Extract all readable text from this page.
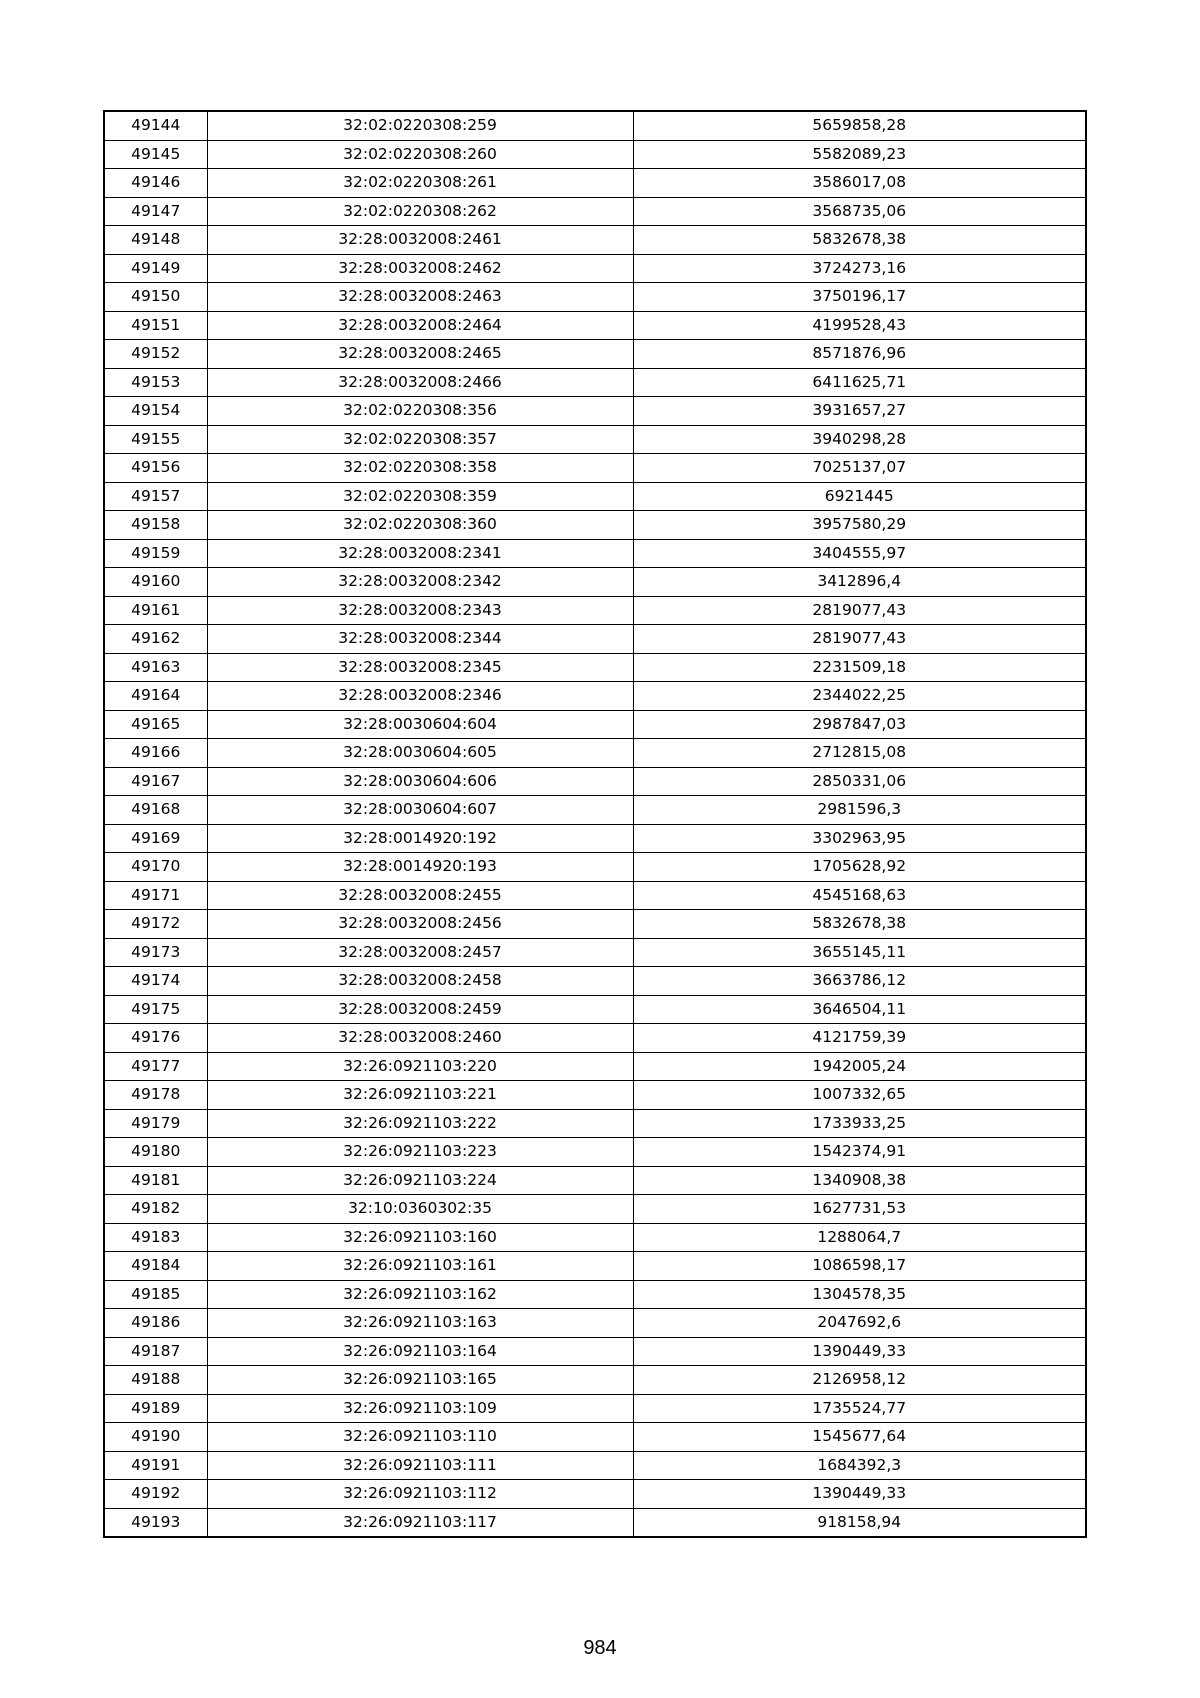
49144	32:02:0220308:259	5659858,28
49145	32:02:0220308:260	5582089,23
49146	32:02:0220308:261	3586017,08
49147	32:02:0220308:262	3568735,06
49148	32:28:0032008:2461	5832678,38
49149	32:28:0032008:2462	3724273,16
49150	32:28:0032008:2463	3750196,17
49151	32:28:0032008:2464	4199528,43
49152	32:28:0032008:2465	8571876,96
49153	32:28:0032008:2466	6411625,71
49154	32:02:0220308:356	3931657,27
49155	32:02:0220308:357	3940298,28
49156	32:02:0220308:358	7025137,07
49157	32:02:0220308:359	6921445
49158	32:02:0220308:360	3957580,29
49159	32:28:0032008:2341	3404555,97
49160	32:28:0032008:2342	3412896,4
49161	32:28:0032008:2343	2819077,43
49162	32:28:0032008:2344	2819077,43
49163	32:28:0032008:2345	2231509,18
49164	32:28:0032008:2346	2344022,25
49165	32:28:0030604:604	2987847,03
49166	32:28:0030604:605	2712815,08
49167	32:28:0030604:606	2850331,06
49168	32:28:0030604:607	2981596,3
49169	32:28:0014920:192	3302963,95
49170	32:28:0014920:193	1705628,92
49171	32:28:0032008:2455	4545168,63
49172	32:28:0032008:2456	5832678,38
49173	32:28:0032008:2457	3655145,11
49174	32:28:0032008:2458	3663786,12
49175	32:28:0032008:2459	3646504,11
49176	32:28:0032008:2460	4121759,39
49177	32:26:0921103:220	1942005,24
49178	32:26:0921103:221	1007332,65
49179	32:26:0921103:222	1733933,25
49180	32:26:0921103:223	1542374,91
49181	32:26:0921103:224	1340908,38
49182	32:10:0360302:35	1627731,53
49183	32:26:0921103:160	1288064,7
49184	32:26:0921103:161	1086598,17
49185	32:26:0921103:162	1304578,35
49186	32:26:0921103:163	2047692,6
49187	32:26:0921103:164	1390449,33
49188	32:26:0921103:165	2126958,12
49189	32:26:0921103:109	1735524,77
49190	32:26:0921103:110	1545677,64
49191	32:26:0921103:111	1684392,3
49192	32:26:0921103:112	1390449,33
49193	32:26:0921103:117	918158,94
984
